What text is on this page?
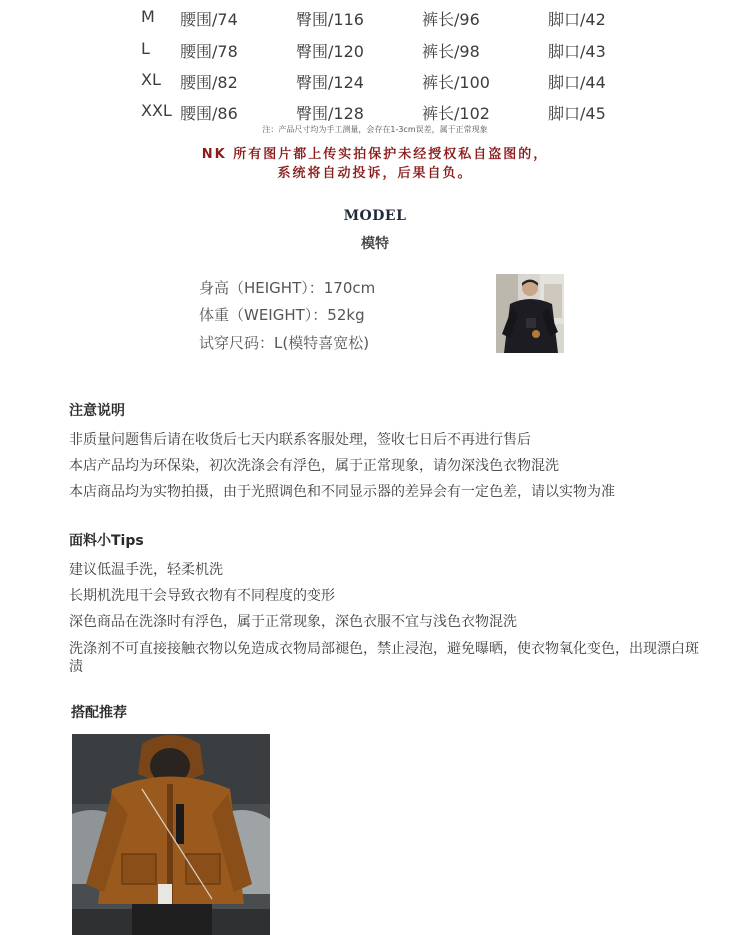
M 腰围/74	臀围/116	裤长/96	脚口/42
L 腰围/78	臀围/120	裤长/98	脚口/43
XL 腰围/82	臀围/124	裤长/100	脚口/44
XXL 腰围/86	臀围/128	裤长/102	脚口/45
注：产品尺寸均为手工测量，会存在1-3cm误差，属于正常现象
NK 所有图片都上传实拍保护未经授权私自盗图的，
系统将自动投诉，后果自负。
MODEL
模特
身高（HEIGHT）：170cm
体重（WEIGHT）：52kg
试穿尺码：L(模特喜宽松)
注意说明
非质量问题售后请在收货后七天内联系客服处理，签收七日后不再进行售后
本店产品均为环保染，初次洗涤会有浮色，属于正常现象，请勿深浅色衣物混洗
本店商品均为实物拍摄，由于光照调色和不同显示器的差异会有一定色差，请以实物为准
面料小Tips
建议低温手洗，轻柔机洗
长期机洗甩干会导致衣物有不同程度的变形
深色商品在洗涤时有浮色，属于正常现象，深色衣服不宜与浅色衣物混洗
洗涤剂不可直接接触衣物以免造成衣物局部褪色，禁止浸泡，避免曝晒，使衣物氧化变色，出现漂白斑渍
搭配推荐
